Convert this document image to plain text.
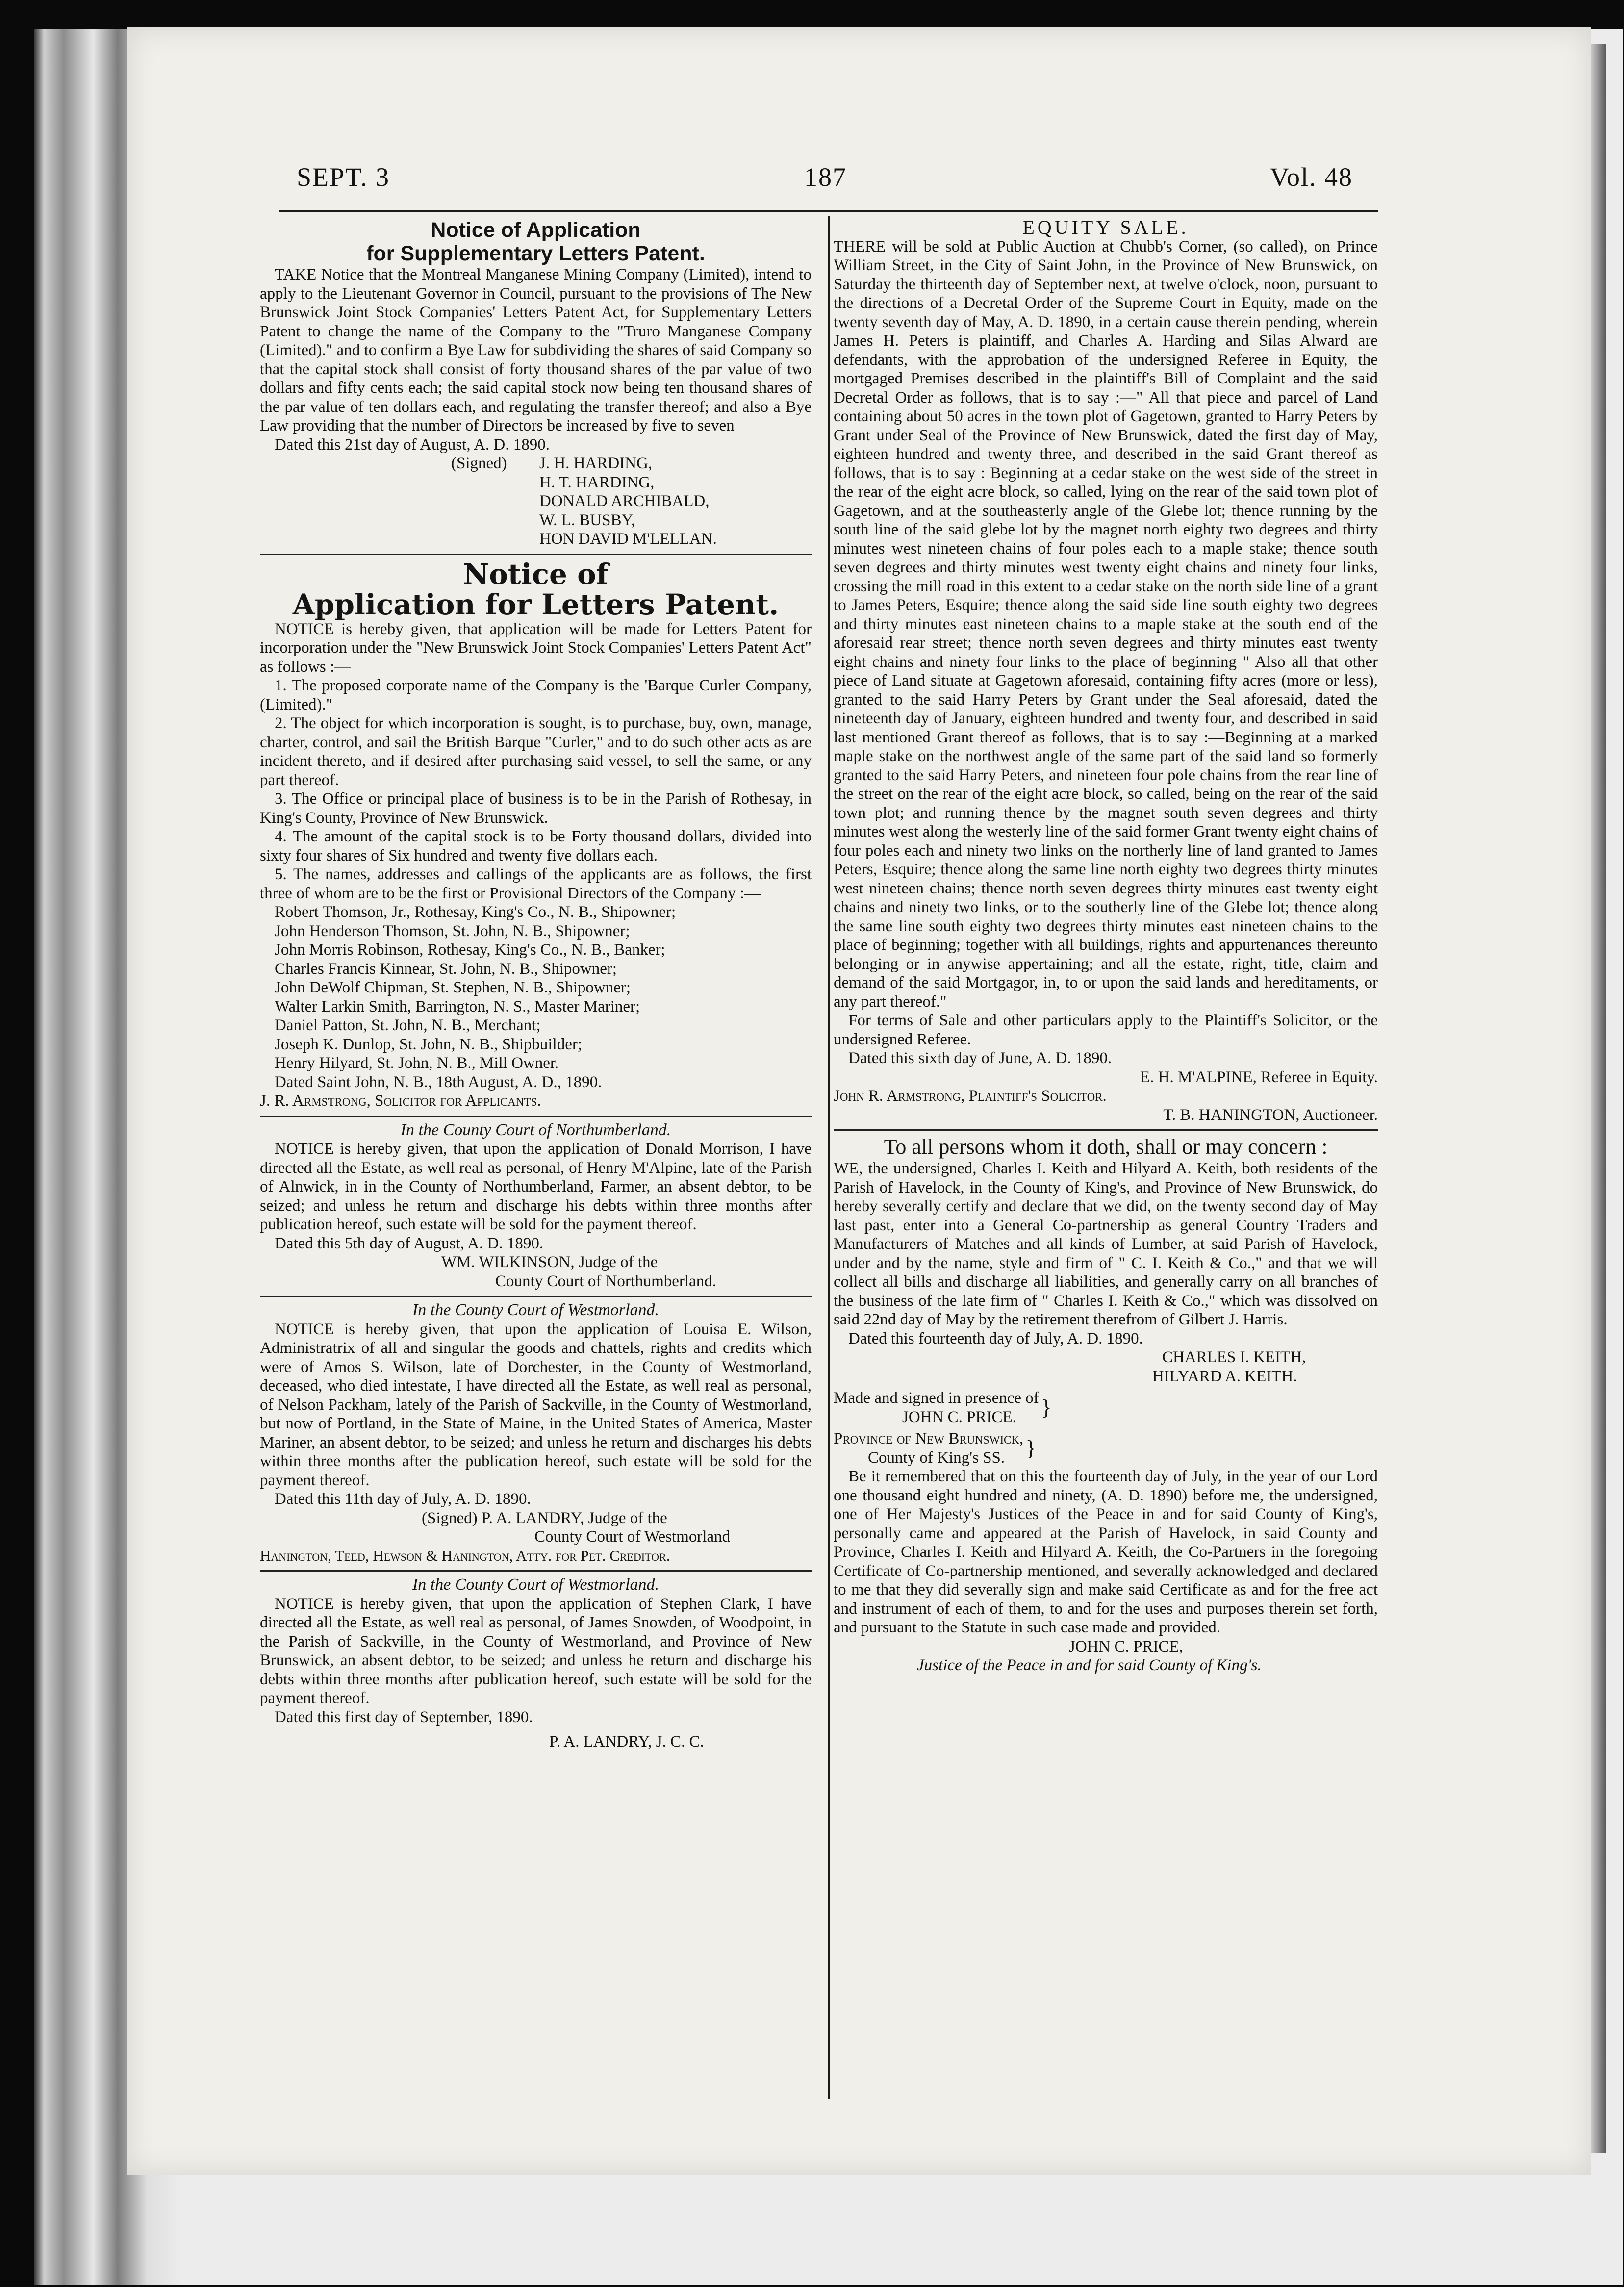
SEPT. 3	187	Vol. 48

Notice of Application

for Supplementary Letters Patent.

TAKE Notice that the Montreal Manganese Mining Company (Limited), intend to apply to the Lieutenant Governor in Council, pursuant to the provisions of The New Brunswick Joint Stock Companies' Letters Patent Act, for Supplementary Letters Patent to change the name of the Company to the "Truro Manganese Company (Limited)." and to confirm a Bye Law for subdividing the shares of said Company so that the capital stock shall consist of forty thousand shares of the par value of two dollars and fifty cents each; the said capital stock now being ten thousand shares of the par value of ten dollars each, and regulating the transfer thereof; and also a Bye Law providing that the number of Directors be increased by five to seven

Dated this 21st day of August, A. D. 1890.

(Signed)	J. H. HARDING,

H. T. HARDING,

DONALD ARCHIBALD,

W. L. BUSBY,

HON DAVID M'LELLAN.

Notice of

Application for Letters Patent.

NOTICE is hereby given, that application will be made for Letters Patent for incorporation under the "New Brunswick Joint Stock Companies' Letters Patent Act" as follows :—

1. The proposed corporate name of the Company is the 'Barque Curler Company, (Limited)."

2. The object for which incorporation is sought, is to purchase, buy, own, manage, charter, control, and sail the British Barque "Curler," and to do such other acts as are incident thereto, and if desired after purchasing said vessel, to sell the same, or any part thereof.

3. The Office or principal place of business is to be in the Parish of Rothesay, in King's County, Province of New Brunswick.

4. The amount of the capital stock is to be Forty thousand dollars, divided into sixty four shares of Six hundred and twenty five dollars each.

5. The names, addresses and callings of the applicants are as follows, the first three of whom are to be the first or Provisional Directors of the Company :—

Robert Thomson, Jr., Rothesay, King's Co., N. B., Shipowner;

John Henderson Thomson, St. John, N. B., Shipowner;

John Morris Robinson, Rothesay, King's Co., N. B., Banker;

Charles Francis Kinnear, St. John, N. B., Shipowner;

John DeWolf Chipman, St. Stephen, N. B., Shipowner;

Walter Larkin Smith, Barrington, N. S., Master Mariner;

Daniel Patton, St. John, N. B., Merchant;

Joseph K. Dunlop, St. John, N. B., Shipbuilder;

Henry Hilyard, St. John, N. B., Mill Owner.

Dated Saint John, N. B., 18th August, A. D., 1890.

J. R. Armstrong, Solicitor for Applicants.

In the County Court of Northumberland.

NOTICE is hereby given, that upon the application of Donald Morrison, I have directed all the Estate, as well real as personal, of Henry M'Alpine, late of the Parish of Alnwick, in in the County of Northumberland, Farmer, an absent debtor, to be seized; and unless he return and discharge his debts within three months after publication hereof, such estate will be sold for the payment thereof.

Dated this 5th day of August, A. D. 1890.

WM. WILKINSON, Judge of the

County Court of Northumberland.

In the County Court of Westmorland.

NOTICE is hereby given, that upon the application of Louisa E. Wilson, Administratrix of all and singular the goods and chattels, rights and credits which were of Amos S. Wilson, late of Dorchester, in the County of Westmorland, deceased, who died intestate, I have directed all the Estate, as well real as personal, of Nelson Packham, lately of the Parish of Sackville, in the County of Westmorland, but now of Portland, in the State of Maine, in the United States of America, Master Mariner, an absent debtor, to be seized; and unless he return and discharges his debts within three months after the publication hereof, such estate will be sold for the payment thereof.

Dated this 11th day of July, A. D. 1890.

(Signed) P. A. LANDRY, Judge of the

County Court of Westmorland

Hanington, Teed, Hewson & Hanington, Atty. for Pet. Creditor.

In the County Court of Westmorland.

NOTICE is hereby given, that upon the application of Stephen Clark, I have directed all the Estate, as well real as personal, of James Snowden, of Woodpoint, in the Parish of Sackville, in the County of Westmorland, and Province of New Brunswick, an absent debtor, to be seized; and unless he return and discharge his debts within three months after publication hereof, such estate will be sold for the payment thereof.

Dated this first day of September, 1890.

P. A. LANDRY, J. C. C.

EQUITY SALE.

THERE will be sold at Public Auction at Chubb's Corner, (so called), on Prince William Street, in the City of Saint John, in the Province of New Brunswick, on Saturday the thirteenth day of September next, at twelve o'clock, noon, pursuant to the directions of a Decretal Order of the Supreme Court in Equity, made on the twenty seventh day of May, A. D. 1890, in a certain cause therein pending, wherein James H. Peters is plaintiff, and Charles A. Harding and Silas Alward are defendants, with the approbation of the undersigned Referee in Equity, the mortgaged Premises described in the plaintiff's Bill of Complaint and the said Decretal Order as follows, that is to say :—" All that piece and parcel of Land containing about 50 acres in the town plot of Gagetown, granted to Harry Peters by Grant under Seal of the Province of New Brunswick, dated the first day of May, eighteen hundred and twenty three, and described in the said Grant thereof as follows, that is to say : Beginning at a cedar stake on the west side of the street in the rear of the eight acre block, so called, lying on the rear of the said town plot of Gagetown, and at the southeasterly angle of the Glebe lot; thence running by the south line of the said glebe lot by the magnet north eighty two degrees and thirty minutes west nineteen chains of four poles each to a maple stake; thence south seven degrees and thirty minutes west twenty eight chains and ninety four links, crossing the mill road in this extent to a cedar stake on the north side line of a grant to James Peters, Esquire; thence along the said side line south eighty two degrees and thirty minutes east nineteen chains to a maple stake at the south end of the aforesaid rear street; thence north seven degrees and thirty minutes east twenty eight chains and ninety four links to the place of beginning " Also all that other piece of Land situate at Gagetown aforesaid, containing fifty acres (more or less), granted to the said Harry Peters by Grant under the Seal aforesaid, dated the nineteenth day of January, eighteen hundred and twenty four, and described in said last mentioned Grant thereof as follows, that is to say :—Beginning at a marked maple stake on the northwest angle of the same part of the said land so formerly granted to the said Harry Peters, and nineteen four pole chains from the rear line of the street on the rear of the eight acre block, so called, being on the rear of the said town plot; and running thence by the magnet south seven degrees and thirty minutes west along the westerly line of the said former Grant twenty eight chains of four poles each and ninety two links on the northerly line of land granted to James Peters, Esquire; thence along the same line north eighty two degrees thirty minutes west nineteen chains; thence north seven degrees thirty minutes east twenty eight chains and ninety two links, or to the southerly line of the Glebe lot; thence along the same line south eighty two degrees thirty minutes east nineteen chains to the place of beginning; together with all buildings, rights and appurtenances thereunto belonging or in anywise appertaining; and all the estate, right, title, claim and demand of the said Mortgagor, in, to or upon the said lands and hereditaments, or any part thereof."

For terms of Sale and other particulars apply to the Plaintiff's Solicitor, or the undersigned Referee.

Dated this sixth day of June, A. D. 1890.

E. H. M'ALPINE, Referee in Equity.

John R. Armstrong, Plaintiff's Solicitor.

T. B. HANINGTON, Auctioneer.

To all persons whom it doth, shall or may concern :

WE, the undersigned, Charles I. Keith and Hilyard A. Keith, both residents of the Parish of Havelock, in the County of King's, and Province of New Brunswick, do hereby severally certify and declare that we did, on the twenty second day of May last past, enter into a General Co-partnership as general Country Traders and Manufacturers of Matches and all kinds of Lumber, at said Parish of Havelock, under and by the name, style and firm of " C. I. Keith & Co.," and that we will collect all bills and discharge all liabilities, and generally carry on all branches of the business of the late firm of " Charles I. Keith & Co.," which was dissolved on said 22nd day of May by the retirement therefrom of Gilbert J. Harris.

Dated this fourteenth day of July, A. D. 1890.

CHARLES I. KEITH,

HILYARD A. KEITH.

Made and signed in presence of

JOHN C. PRICE.	}

Province of New Brunswick,

County of King's SS. }

Be it remembered that on this the fourteenth day of July, in the year of our Lord one thousand eight hundred and ninety, (A. D. 1890) before me, the undersigned, one of Her Majesty's Justices of the Peace in and for said County of King's, personally came and appeared at the Parish of Havelock, in said County and Province, Charles I. Keith and Hilyard A. Keith, the Co-Partners in the foregoing Certificate of Co-partnership mentioned, and severally acknowledged and declared to me that they did severally sign and make said Certificate as and for the free act and instrument of each of them, to and for the uses and purposes therein set forth, and pursuant to the Statute in such case made and provided.

JOHN C. PRICE,

Justice of the Peace in and for said County of King's.
